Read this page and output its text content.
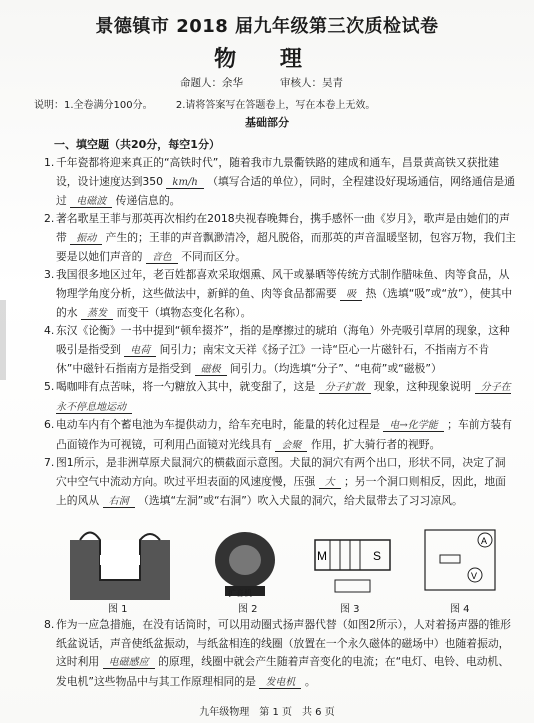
景德镇市 2018 届九年级第三次质检试卷
物 理
命题人：余华	审核人：吴青
说明：1.全卷满分100分。 2.请将答案写在答题卷上，写在本卷上无效。
基础部分
一、填空题（共20分，每空1分）
1. 千年瓷都将迎来真正的“高铁时代”，随着我市九景衢铁路的建成和通车，昌景黄高铁又获批建设，设计速度达到350 km/h （填写合适的单位），同时，全程建设好現场通信，网络通信是通过 电磁波 传递信息的。
2. 著名歌星王菲与那英再次相约在2018央视春晚舞台，携手感怀一曲《岁月》，歌声是由她们的声带 振动 产生的；王菲的声音飘渺清冷，超凡脱俗，而那英的声音温暖坚韧，包容万物，我们主要是以她们声音的 音色 不同而区分。
3. 我国很多地区过年，老百姓都喜欢采取烟熏、风干或暴晒等传统方式制作腊味鱼、肉等食品，从物理学角度分析，这些做法中，新鲜的鱼、肉等食品都需要 吸 热（选填“吸”或“放”），使其中的水 蒸发 而变干（填物态变化名称）。
4. 东汉《论衡》一书中提到“顿牟掇芥”，指的是摩擦过的琥珀（海龟）外壳吸引草屑的现象，这种吸引是指受到 电荷 间引力；南宋文天祥《扬子江》一诗“臣心一片磁针石，不指南方不肯休”中磁针石指南方是指受到 磁极 间引力。（均选填“分子”、“电荷”或“磁极”）
5. 喝咖啡有点苦味，将一勺糖放入其中，就变甜了，这是 分子扩散 现象，这种现象说明 分子在永不停息地运动
6. 电动车内有个蓄电池为车提供动力，给车充电时，能量的转化过程是 电→化学能 ；车前方装有凸面镜作为可视镜，可利用凸面镜对光线具有 会聚 作用，扩大骑行者的视野。
7. 图1所示，是非洲草原犬鼠洞穴的横截面示意图。犬鼠的洞穴有两个出口，形状不同，决定了洞穴中空气中流动方向。吹过平坦表面的风速度慢，压强 大 ；另一个洞口则相反，因此，地面上的风从 右洞 （选填“左洞”或“右洞”）吹入犬鼠的洞穴，给犬鼠带去了习习凉风。
扩音机
M	S
A
V
图 1	图 2	图 3	图 4
8. 作为一应急措施，在没有话筒时，可以用动圈式扬声器代替（如图2所示），人对着扬声器的锥形纸盆说话，声音使纸盆振动，与纸盆相连的线圈（放置在一个永久磁体的磁场中）也随着振动，这时利用 电磁感应 的原理，线圈中就会产生随着声音变化的电流；在“电灯、电铃、电动机、发电机”这些物品中与其工作原理相同的是 发电机 。
九年级物理　第 1 页　共 6 页
